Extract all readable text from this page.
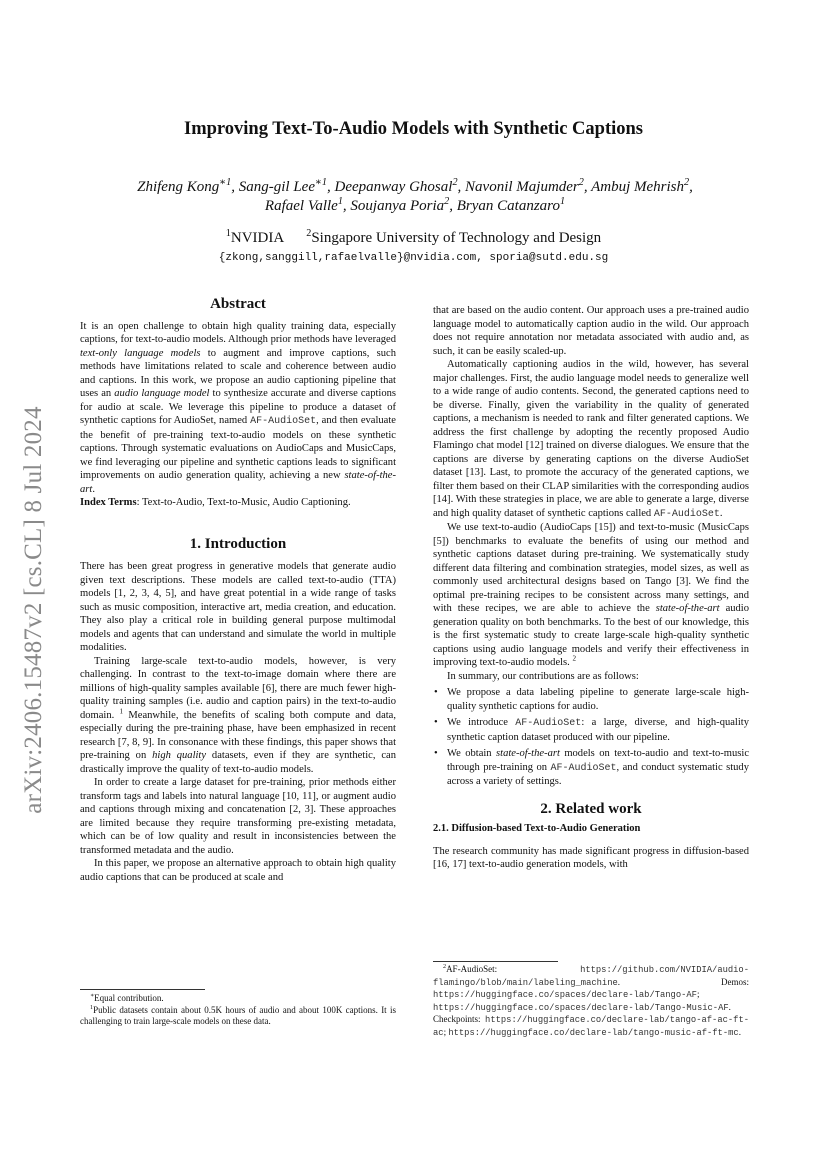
arXiv:2406.15487v2 [cs.CL] 8 Jul 2024
Improving Text-To-Audio Models with Synthetic Captions
Zhifeng Kong$^{∗1}$, Sang-gil Lee$^{∗1}$, Deepanway Ghosal$^2$, Navonil Majumder$^2$, Ambuj Mehrish$^2$,
Rafael Valle$^1$, Soujanya Poria$^2$, Bryan Catanzaro$^1$
$^1$NVIDIA $^2$Singapore University of Technology and Design
{zkong,sanggill,rafaelvalle}@nvidia.com, sporia@sutd.edu.sg
Abstract

It is an open challenge to obtain high quality training data, especially captions, for text-to-audio models. Although prior methods have leveraged text-only language models to augment and improve captions, such methods have limitations related to scale and coherence between audio and captions. In this work, we propose an audio captioning pipeline that uses an audio language model to synthesize accurate and diverse captions for audio at scale. We leverage this pipeline to produce a dataset of synthetic captions for AudioSet, named AF-AudioSet, and then evaluate the benefit of pre-training text-to-audio models on these synthetic captions. Through systematic evaluations on AudioCaps and MusicCaps, we find leveraging our pipeline and synthetic captions leads to significant improvements on audio generation quality, achieving a new state-of-the-art.

Index Terms: Text-to-Audio, Text-to-Music, Audio Captioning.

1. Introduction

There has been great progress in generative models that generate audio given text descriptions. These models are called text-to-audio (TTA) models [1, 2, 3, 4, 5], and have great potential in a wide range of tasks such as music composition, interactive art, media creation, and education. They also play a critical role in building general purpose multimodal models and agents that can understand and simulate the world in multiple modalities.

Training large-scale text-to-audio models, however, is very challenging. In contrast to the text-to-image domain where there are millions of high-quality samples available [6], there are much fewer high-quality training samples (i.e. audio and caption pairs) in the text-to-audio domain. $^1$ Meanwhile, the benefits of scaling both compute and data, especially during the pre-training phase, have been emphasized in recent research [7, 8, 9]. In consonance with these findings, this paper shows that pre-training on high quality datasets, even if they are synthetic, can drastically improve the quality of text-to-audio models.

In order to create a large dataset for pre-training, prior methods either transform tags and labels into natural language [10, 11], or augment audio and captions through mixing and concatenation [2, 3]. These approaches are limited because they require transforming pre-existing metadata, which can be of low quality and result in inconsistencies between the transformed metadata and the audio.

In this paper, we propose an alternative approach to obtain high quality audio captions that can be produced at scale and

∗Equal contribution.
$^1$Public datasets contain about 0.5K hours of audio and about 100K captions. It is challenging to train large-scale models on these data.

that are based on the audio content. Our approach uses a pre-trained audio language model to automatically caption audio in the wild. Our approach does not require annotation nor metadata associated with audio and, as such, it can be easily scaled-up.

Automatically captioning audios in the wild, however, has several major challenges. First, the audio language model needs to generalize well to a wide range of audio contents. Second, the generated captions need to be diverse. Finally, given the variability in the quality of generated captions, a mechanism is needed to rank and filter generated captions. We address the first challenge by adopting the recently proposed Audio Flamingo chat model [12] trained on diverse dialogues. We ensure that the captions are diverse by generating captions on the diverse AudioSet dataset [13]. Last, to promote the accuracy of the generated captions, we filter them based on their CLAP similarities with the corresponding audios [14]. With these strategies in place, we are able to generate a large, diverse and high quality dataset of synthetic captions called AF-AudioSet.

We use text-to-audio (AudioCaps [15]) and text-to-music (MusicCaps [5]) benchmarks to evaluate the benefits of using our method and synthetic captions dataset during pre-training. We systematically study different data filtering and combination strategies, model sizes, as well as commonly used architectural designs based on Tango [3]. We find the optimal pre-training recipes to be consistent across many settings, and with these recipes, we are able to achieve the state-of-the-art audio generation quality on both benchmarks. To the best of our knowledge, this is the first systematic study to create large-scale high-quality synthetic captions using audio language models and verify their effectiveness in improving text-to-audio models. $^2$

In summary, our contributions are as follows:

• We propose a data labeling pipeline to generate large-scale high-quality synthetic captions for audio.
• We introduce AF-AudioSet: a large, diverse, and high-quality synthetic caption dataset produced with our pipeline.
• We obtain state-of-the-art models on text-to-audio and text-to-music through pre-training on AF-AudioSet, and conduct systematic study across a variety of settings.
2. Related work
2.1. Diffusion-based Text-to-Audio Generation

The research community has made significant progress in diffusion-based [16, 17] text-to-audio generation models, with

$^2$AF-AudioSet: https://github.com/NVIDIA/audio-flamingo/blob/main/labeling_machine. Demos: https://huggingface.co/spaces/declare-lab/Tango-AF; https://huggingface.co/spaces/declare-lab/Tango-Music-AF. Checkpoints: https://huggingface.co/declare-lab/tango-af-ac-ft-ac; https://huggingface.co/declare-lab/tango-music-af-ft-mc.
